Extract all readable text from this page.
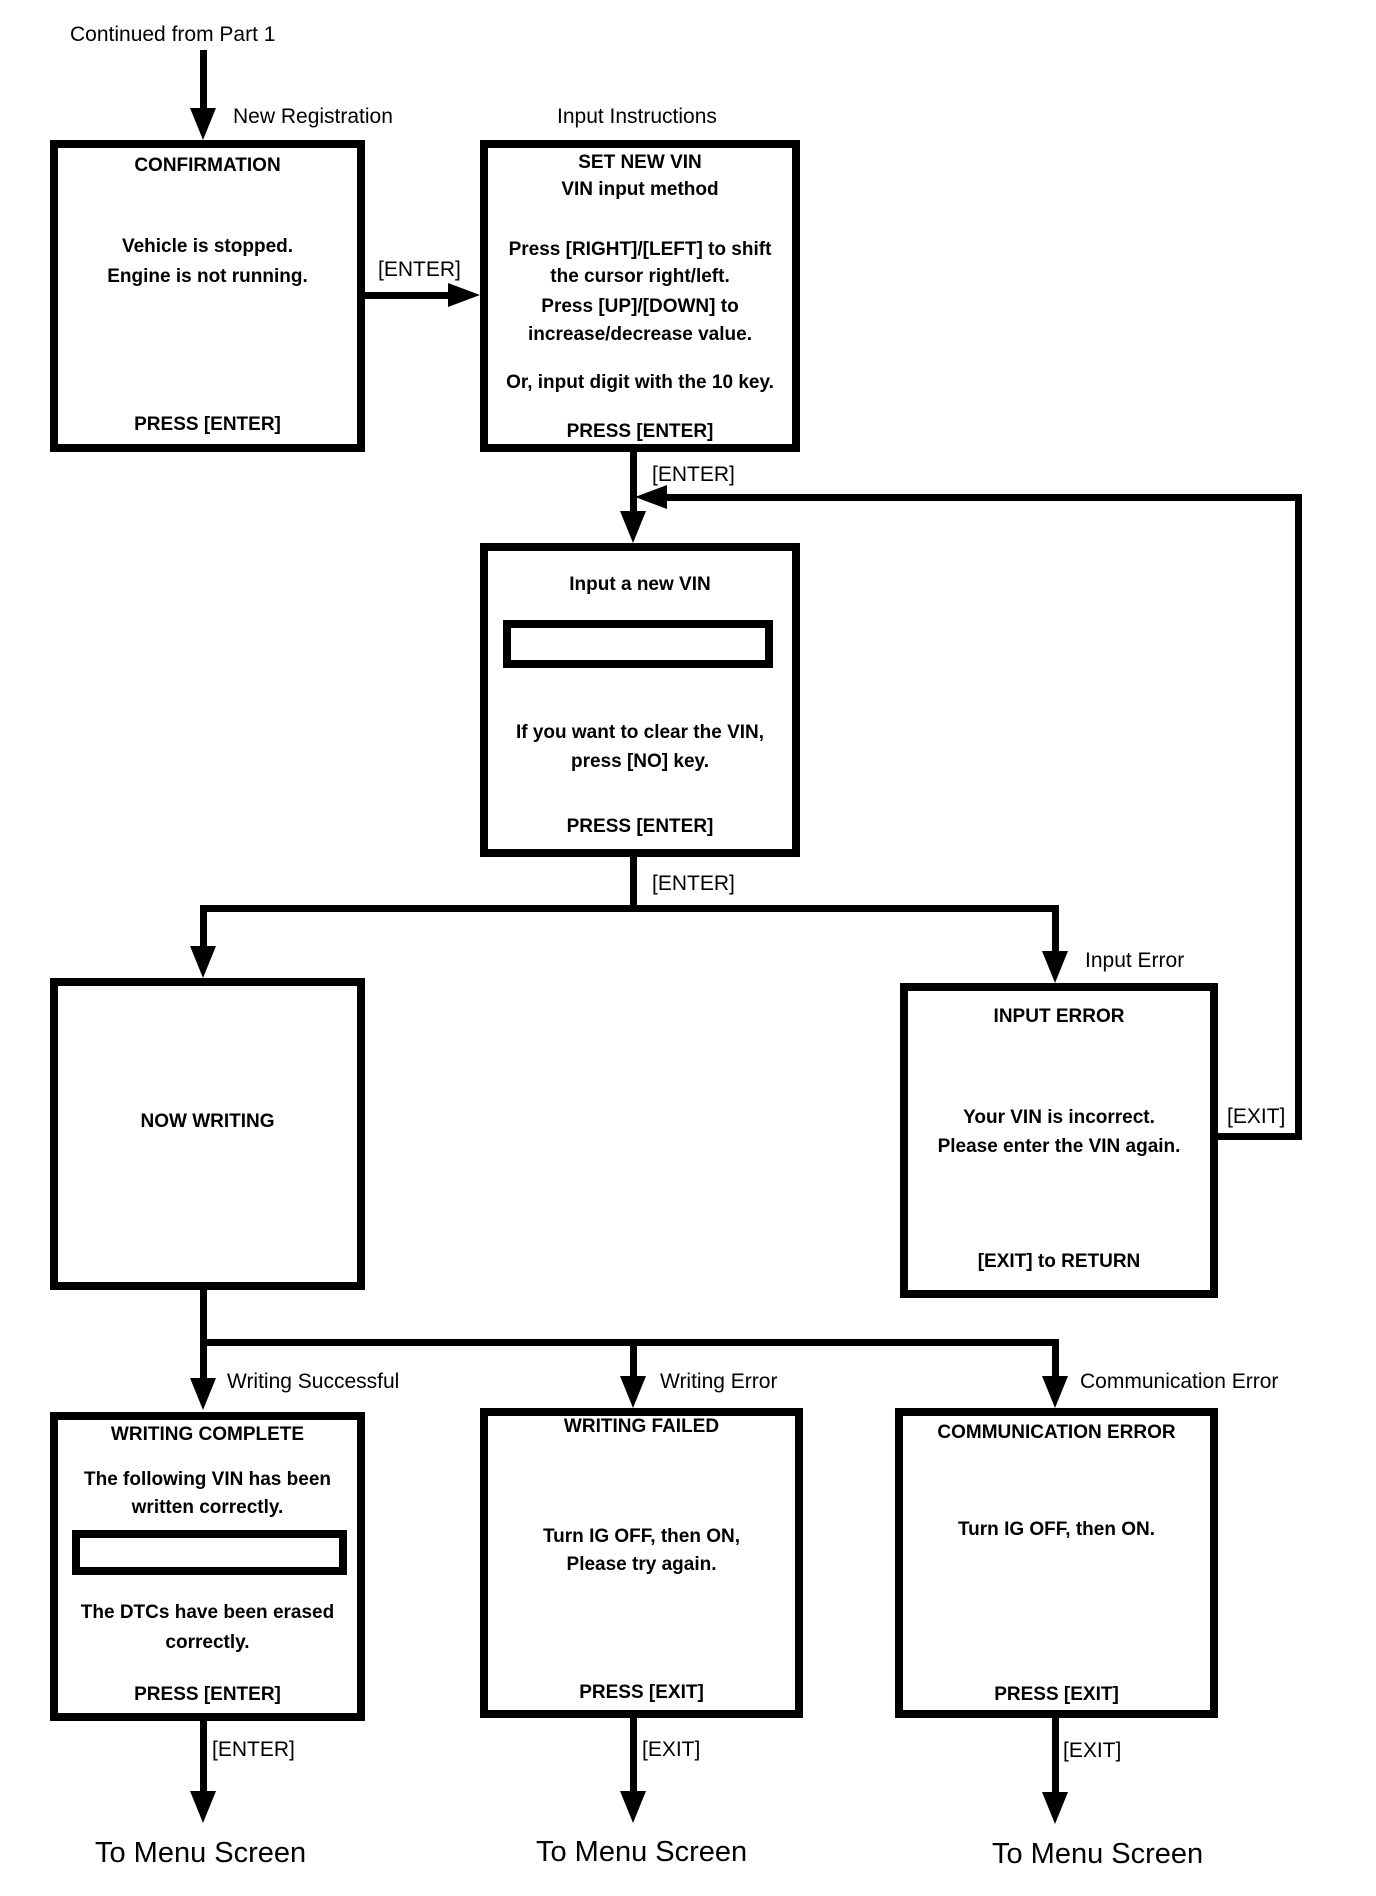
Continued from Part 1
New Registration	Input Instructions
CONFIRMATION
Vehicle is stopped.
Engine is not running.
PRESS [ENTER]
[ENTER]
SET NEW VIN
VIN input method
Press [RIGHT]/[LEFT] to shift
the cursor right/left.
Press [UP]/[DOWN] to
increase/decrease value.
Or, input digit with the 10 key.
PRESS [ENTER]
[ENTER]
Input a new VIN
If you want to clear the VIN,
press [NO] key.
PRESS [ENTER]
[ENTER]
Input Error
NOW WRITING
INPUT ERROR
Your VIN is incorrect.
Please enter the VIN again.
[EXIT] to RETURN
[EXIT]
Writing Successful	Writing Error	Communication Error
WRITING COMPLETE
The following VIN has been
written correctly.
The DTCs have been erased
correctly.
PRESS [ENTER]
WRITING FAILED
Turn IG OFF, then ON,
Please try again.
PRESS [EXIT]
COMMUNICATION ERROR
Turn IG OFF, then ON.
PRESS [EXIT]
[ENTER]	[EXIT]	[EXIT]
To Menu Screen	To Menu Screen	To Menu Screen
